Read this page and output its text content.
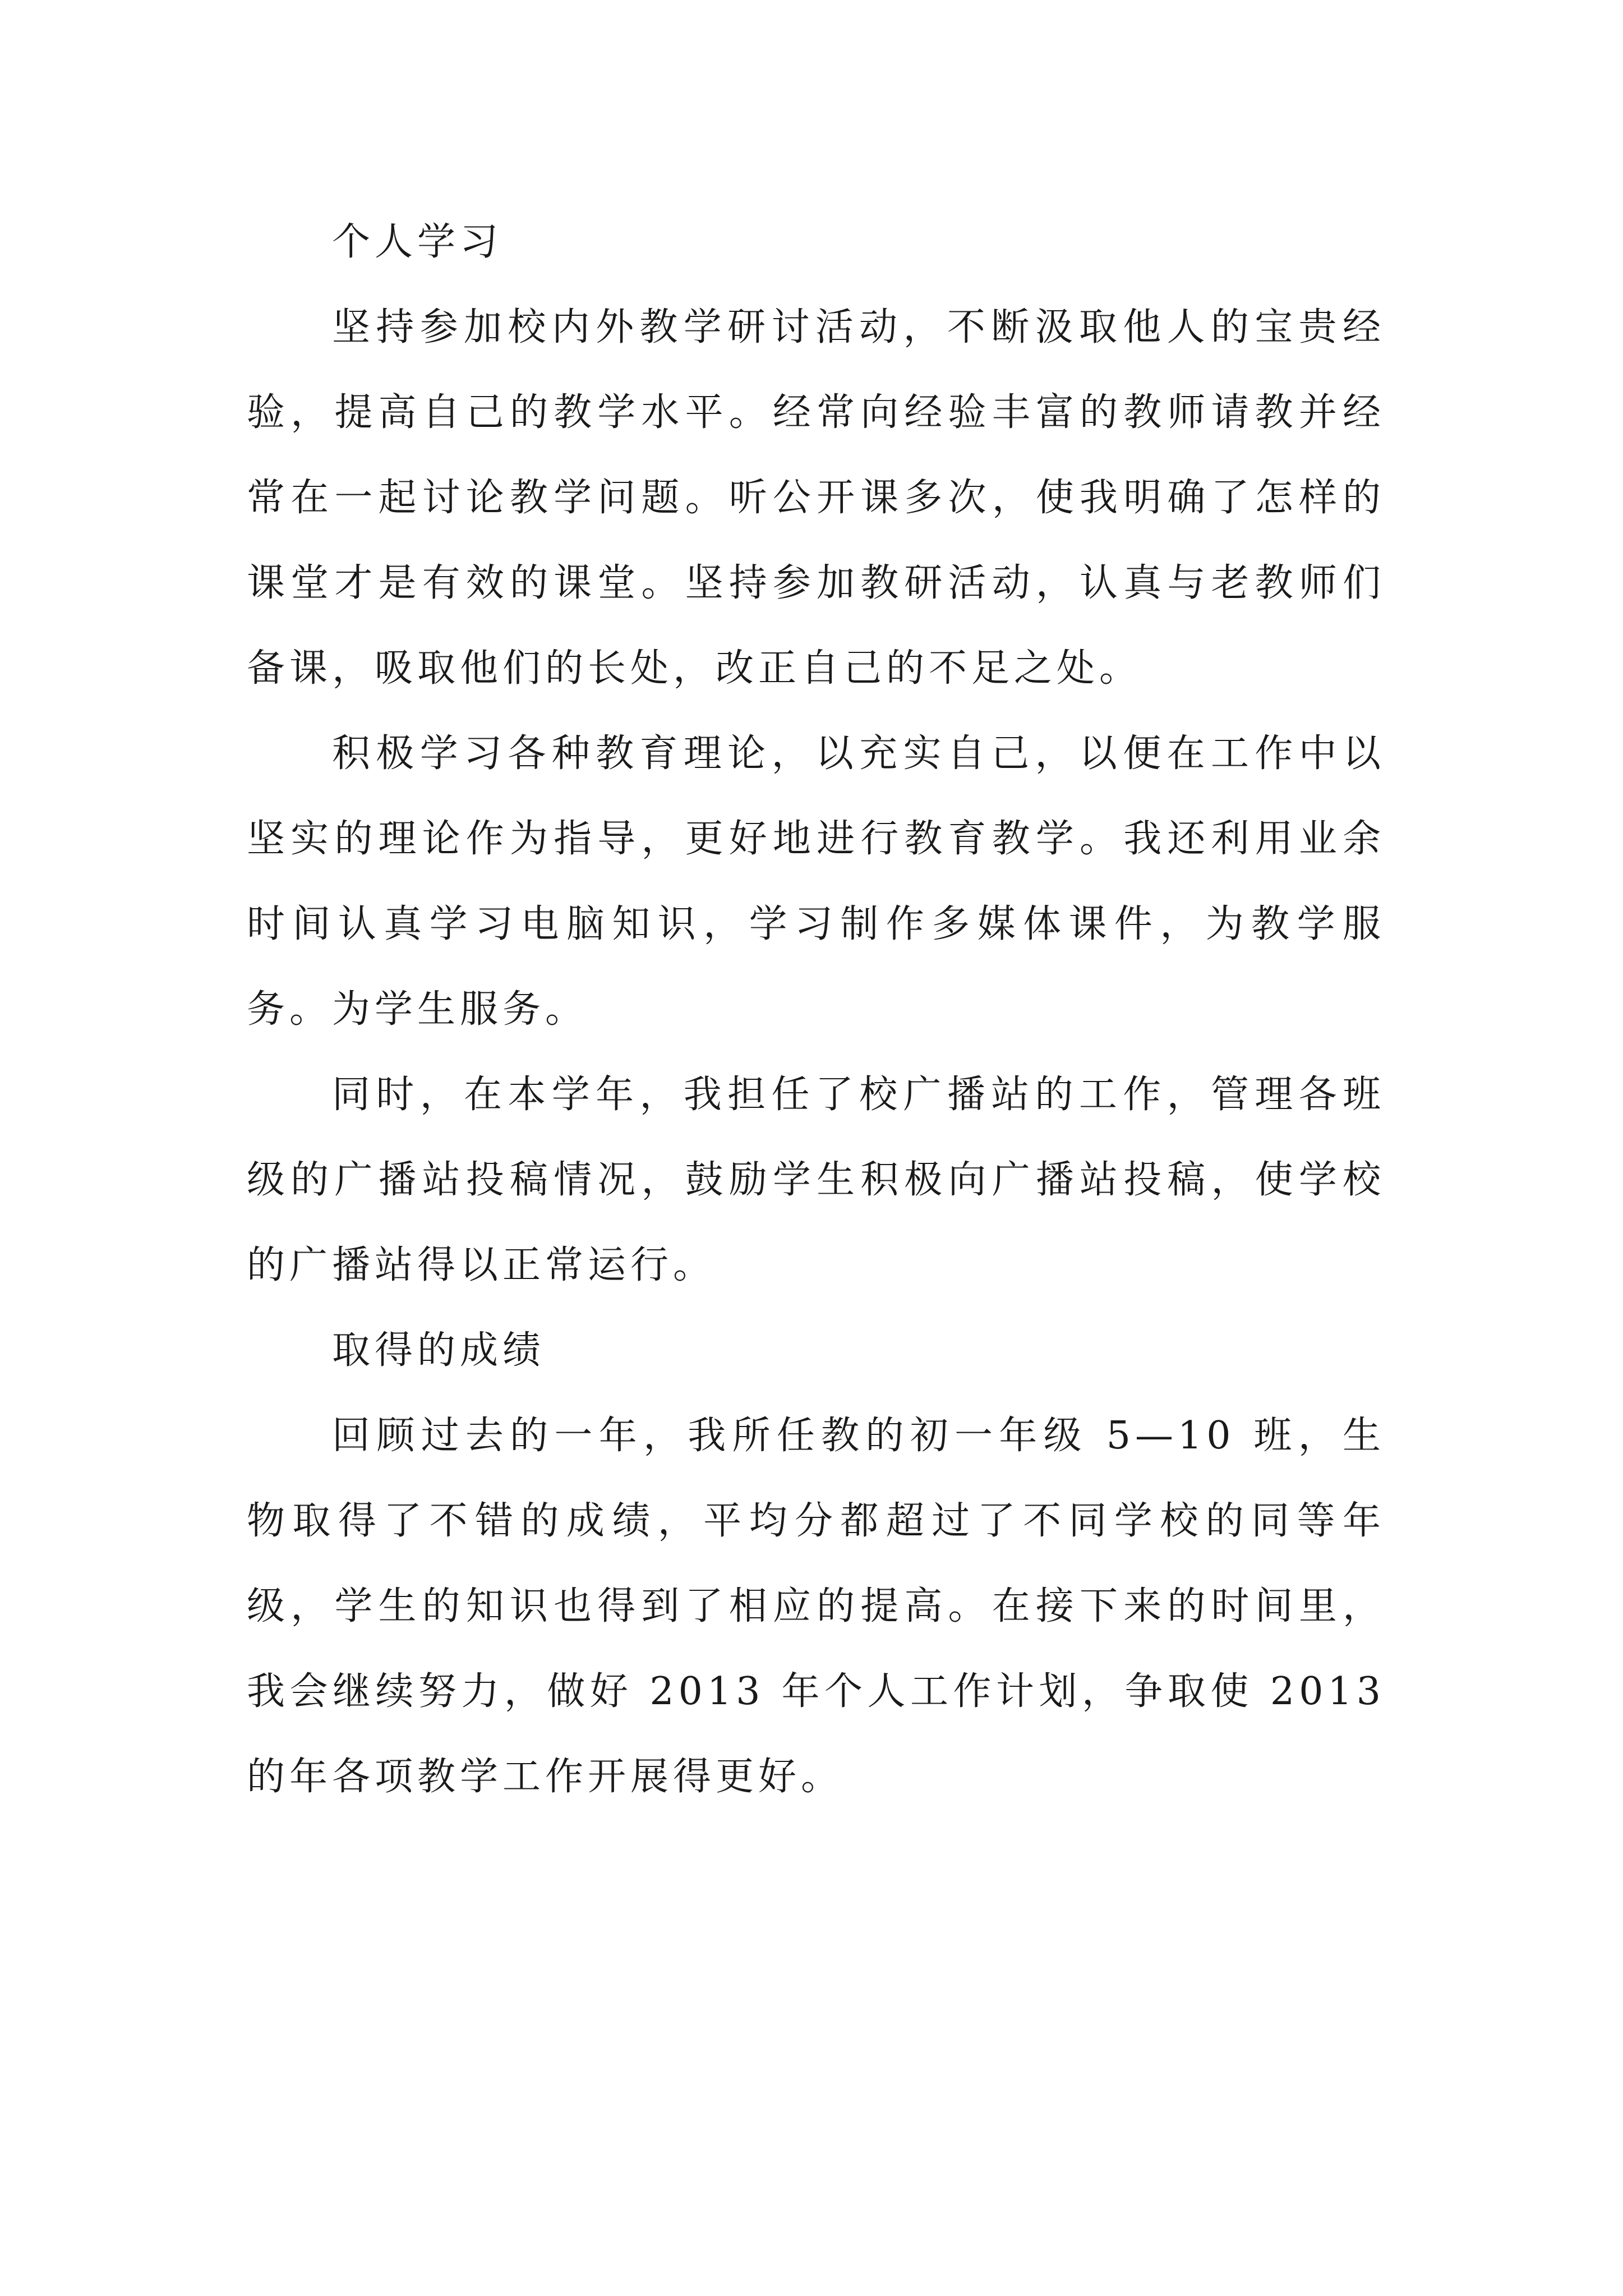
个人学习

坚持参加校内外教学研讨活动，不断汲取他人的宝贵经验，提高自己的教学水平。经常向经验丰富的教师请教并经常在一起讨论教学问题。听公开课多次，使我明确了怎样的课堂才是有效的课堂。坚持参加教研活动，认真与老教师们备课，吸取他们的长处，改正自己的不足之处。

积极学习各种教育理论，以充实自己，以便在工作中以坚实的理论作为指导，更好地进行教育教学。我还利用业余时间认真学习电脑知识，学习制作多媒体课件，为教学服务。为学生服务。

同时，在本学年，我担任了校广播站的工作，管理各班级的广播站投稿情况，鼓励学生积极向广播站投稿，使学校的广播站得以正常运行。

取得的成绩

回顾过去的一年，我所任教的初一年级 5—10 班，生物取得了不错的成绩，平均分都超过了不同学校的同等年级，学生的知识也得到了相应的提高。在接下来的时间里，我会继续努力，做好 2013 年个人工作计划，争取使 2013 的年各项教学工作开展得更好。
